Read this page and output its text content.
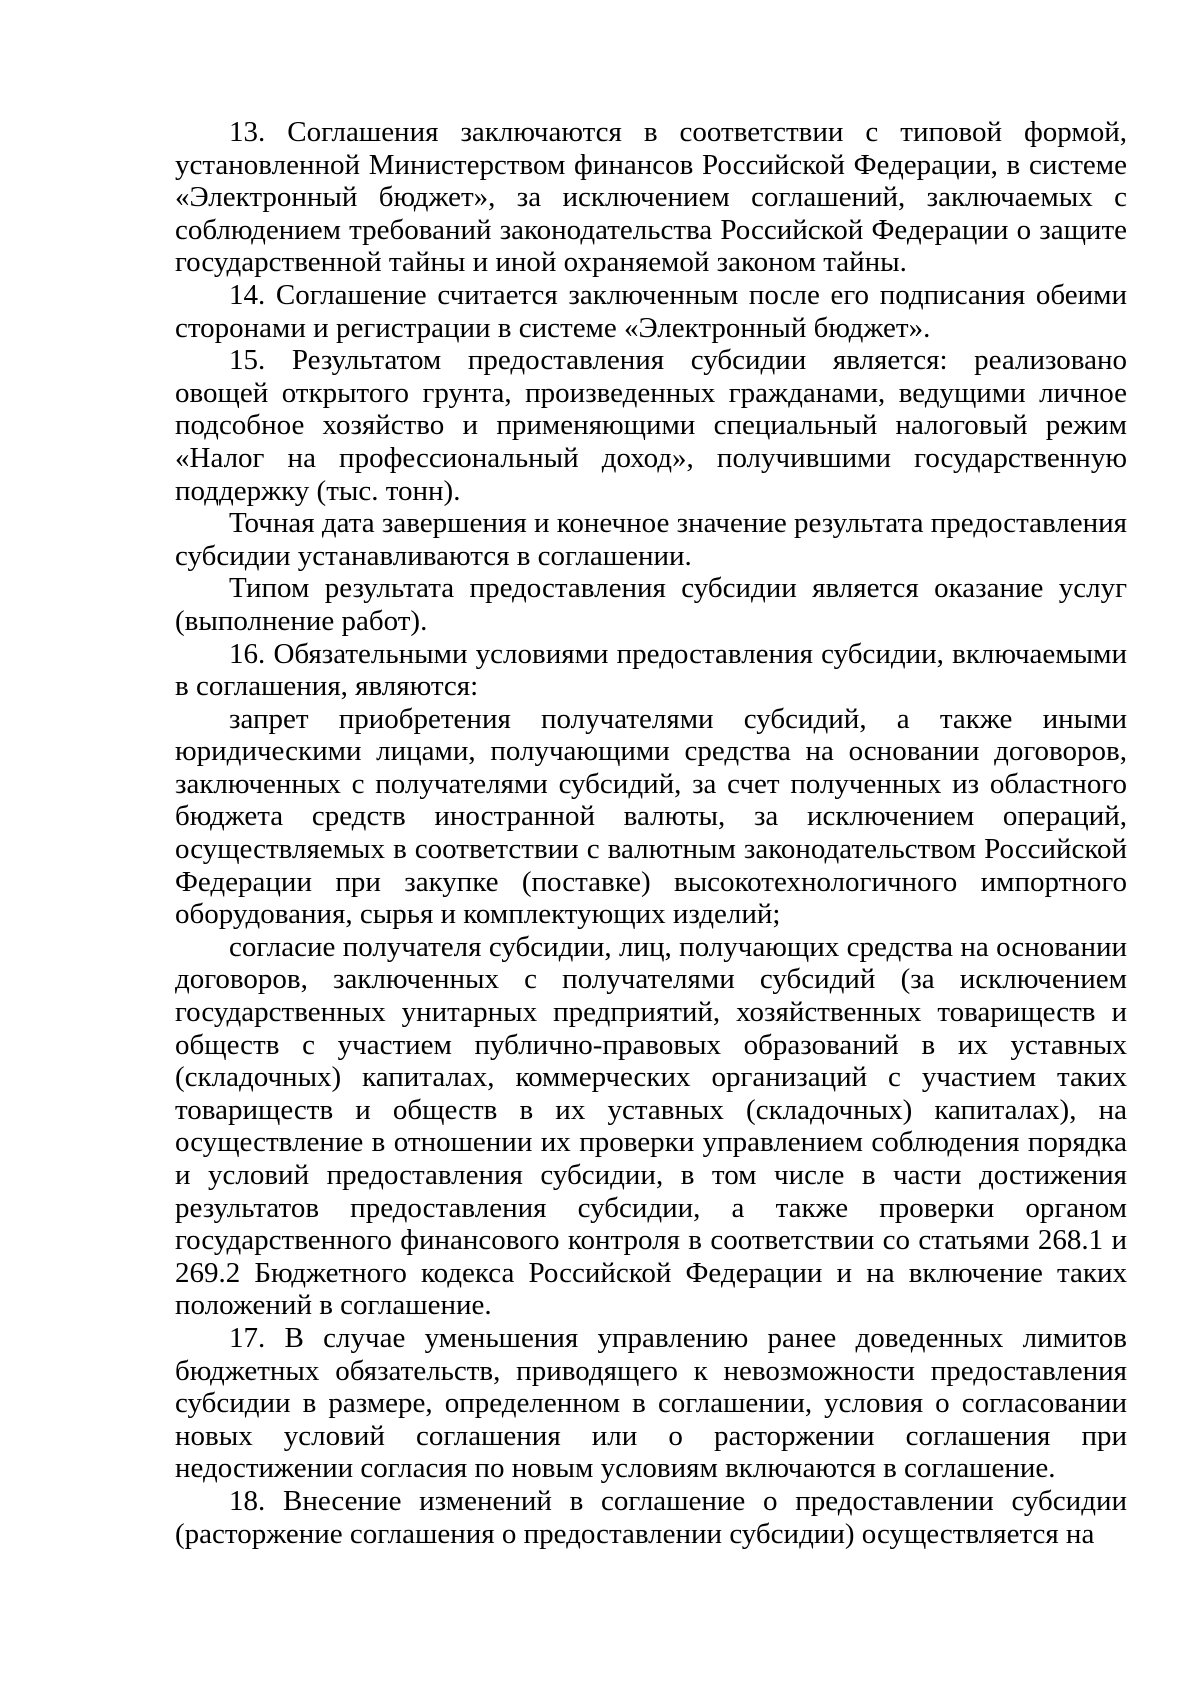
13. Соглашения заключаются в соответствии с типовой формой, установленной Министерством финансов Российской Федерации, в системе «Электронный бюджет», за исключением соглашений, заключаемых с соблюдением требований законодательства Российской Федерации о защите государственной тайны и иной охраняемой законом тайны.

14. Соглашение считается заключенным после его подписания обеими сторонами и регистрации в системе «Электронный бюджет».

15. Результатом предоставления субсидии является: реализовано овощей открытого грунта, произведенных гражданами, ведущими личное подсобное хозяйство и применяющими специальный налоговый режим «Налог на профессиональный доход», получившими государственную поддержку (тыс. тонн).

Точная дата завершения и конечное значение результата предоставления субсидии устанавливаются в соглашении.

Типом результата предоставления субсидии является оказание услуг (выполнение работ).

16. Обязательными условиями предоставления субсидии, включаемыми в соглашения, являются:

запрет приобретения получателями субсидий, а также иными юридическими лицами, получающими средства на основании договоров, заключенных с получателями субсидий, за счет полученных из областного бюджета средств иностранной валюты, за исключением операций, осуществляемых в соответствии с валютным законодательством Российской Федерации при закупке (поставке) высокотехнологичного импортного оборудования, сырья и комплектующих изделий;

согласие получателя субсидии, лиц, получающих средства на основании договоров, заключенных с получателями субсидий (за исключением государственных унитарных предприятий, хозяйственных товариществ и обществ с участием публично-правовых образований в их уставных (складочных) капиталах, коммерческих организаций с участием таких товариществ и обществ в их уставных (складочных) капиталах), на осуществление в отношении их проверки управлением соблюдения порядка и условий предоставления субсидии, в том числе в части достижения результатов предоставления субсидии, а также проверки органом государственного финансового контроля в соответствии со статьями 268.1 и 269.2 Бюджетного кодекса Российской Федерации и на включение таких положений в соглашение.

17. В случае уменьшения управлению ранее доведенных лимитов бюджетных обязательств, приводящего к невозможности предоставления субсидии в размере, определенном в соглашении, условия о согласовании новых условий соглашения или о расторжении соглашения при недостижении согласия по новым условиям включаются в соглашение.

18. Внесение изменений в соглашение о предоставлении субсидии (расторжение соглашения о предоставлении субсидии) осуществляется на
